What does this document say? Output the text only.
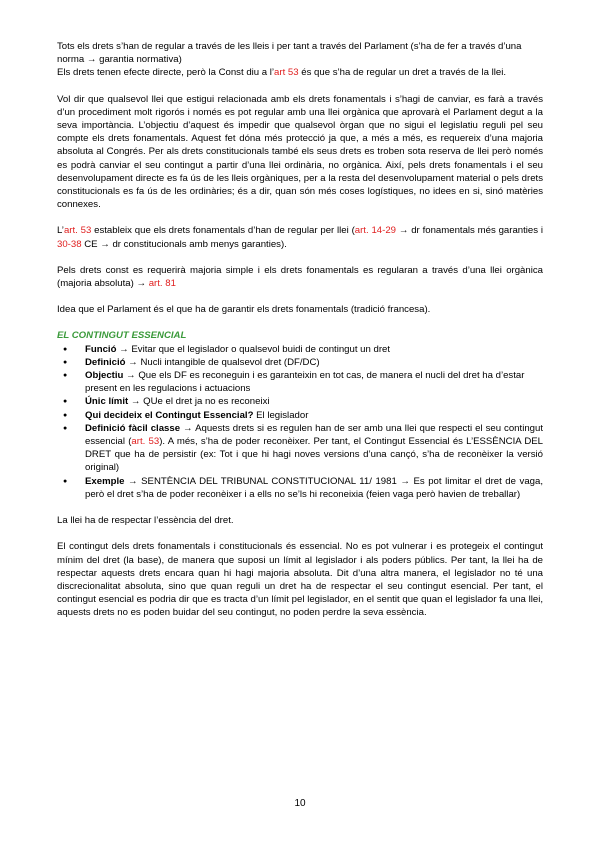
Tots els drets s’han de regular a través de les lleis i per tant a través del Parlament (s’ha de fer a través d’una norma → garantia normativa)
Els drets tenen efecte directe, però la Const diu a l’art 53 és que s’ha de regular un dret a través de la llei.

Vol dir que qualsevol llei que estigui relacionada amb els drets fonamentals i s’hagi de canviar, es farà a través d’un procediment molt rigorós i només es pot regular amb una llei orgànica que aprovarà el Parlament degut a la seva importància. L’objectiu d’aquest és impedir que qualsevol òrgan que no sigui el legislatiu reguli pel seu compte els drets fonamentals. Aquest fet dóna més protecció ja que, a més a més, es requereix d’una majoria absoluta al Congrés. Per als drets constitucionals també els seus drets es troben sota reserva de llei però només es podrà canviar el seu contingut a partir d’una llei ordinària, no orgànica. Així, pels drets fonamentals i el seu desenvolupament directe es fa ús de les lleis orgàniques, per a la resta del desenvolupament material o pels drets constitucionals es fa ús de les ordinàries; és a dir, quan són més coses logístiques, no idees en si, sinó matèries connexes.

L’art. 53 estableix que els drets fonamentals d’han de regular per llei (art. 14-29 → dr fonamentals més garanties i 30-38 CE → dr constitucionals amb menys garanties).

Pels drets const es requerirà majoria simple i els drets fonamentals es regularan a través d’una llei orgànica (majoria absoluta) → art. 81

Idea que el Parlament és el que ha de garantir els drets fonamentals (tradició francesa).

EL CONTINGUT ESSENCIAL

● Funció → Evitar que el legislador o qualsevol buidi de contingut un dret
● Definició → Nucli intangible de qualsevol dret (DF/DC)
● Objectiu → Que els DF es reconeguin i es garanteixin en tot cas, de manera el nucli del dret ha d’estar present en les regulacions i actuacions
● Únic límit → QUe el dret ja no es reconeixi
● Qui decideix el Contingut Essencial? El legislador
● Definició fàcil classe → Aquests drets si es regulen han de ser amb una llei que respecti el seu contingut essencial (art. 53). A més, s’ha de poder reconèixer. Per tant, el Contingut Essencial és L’ESSÈNCIA DEL DRET que ha de persistir (ex: Tot i que hi hagi noves versions d’una cançó, s’ha de reconèixer la versió original)
● Exemple → SENTÈNCIA DEL TRIBUNAL CONSTITUCIONAL 11/ 1981 → Es pot limitar el dret de vaga, però el dret s’ha de poder reconèixer i a ells no se’ls hi reconeixia (feien vaga però havien de treballar)

La llei ha de respectar l’essència del dret.

El contingut dels drets fonamentals i constitucionals és essencial. No es pot vulnerar i es protegeix el contingut mínim del dret (la base), de manera que suposi un límit al legislador i als poders públics. Per tant, la llei ha de respectar aquests drets encara quan hi hagi majoria absoluta. Dit d’una altra manera, el legislador no té una discrecionalitat absoluta, sino que quan reguli un dret ha de respectar el seu contingut esencial. Per tant, el contingut esencial es podria dir que es tracta d’un límit pel legislador, en el sentit que quan el legislador fa una llei, aquests drets no es poden buidar del seu contingut, no poden perdre la seva essència.

10
